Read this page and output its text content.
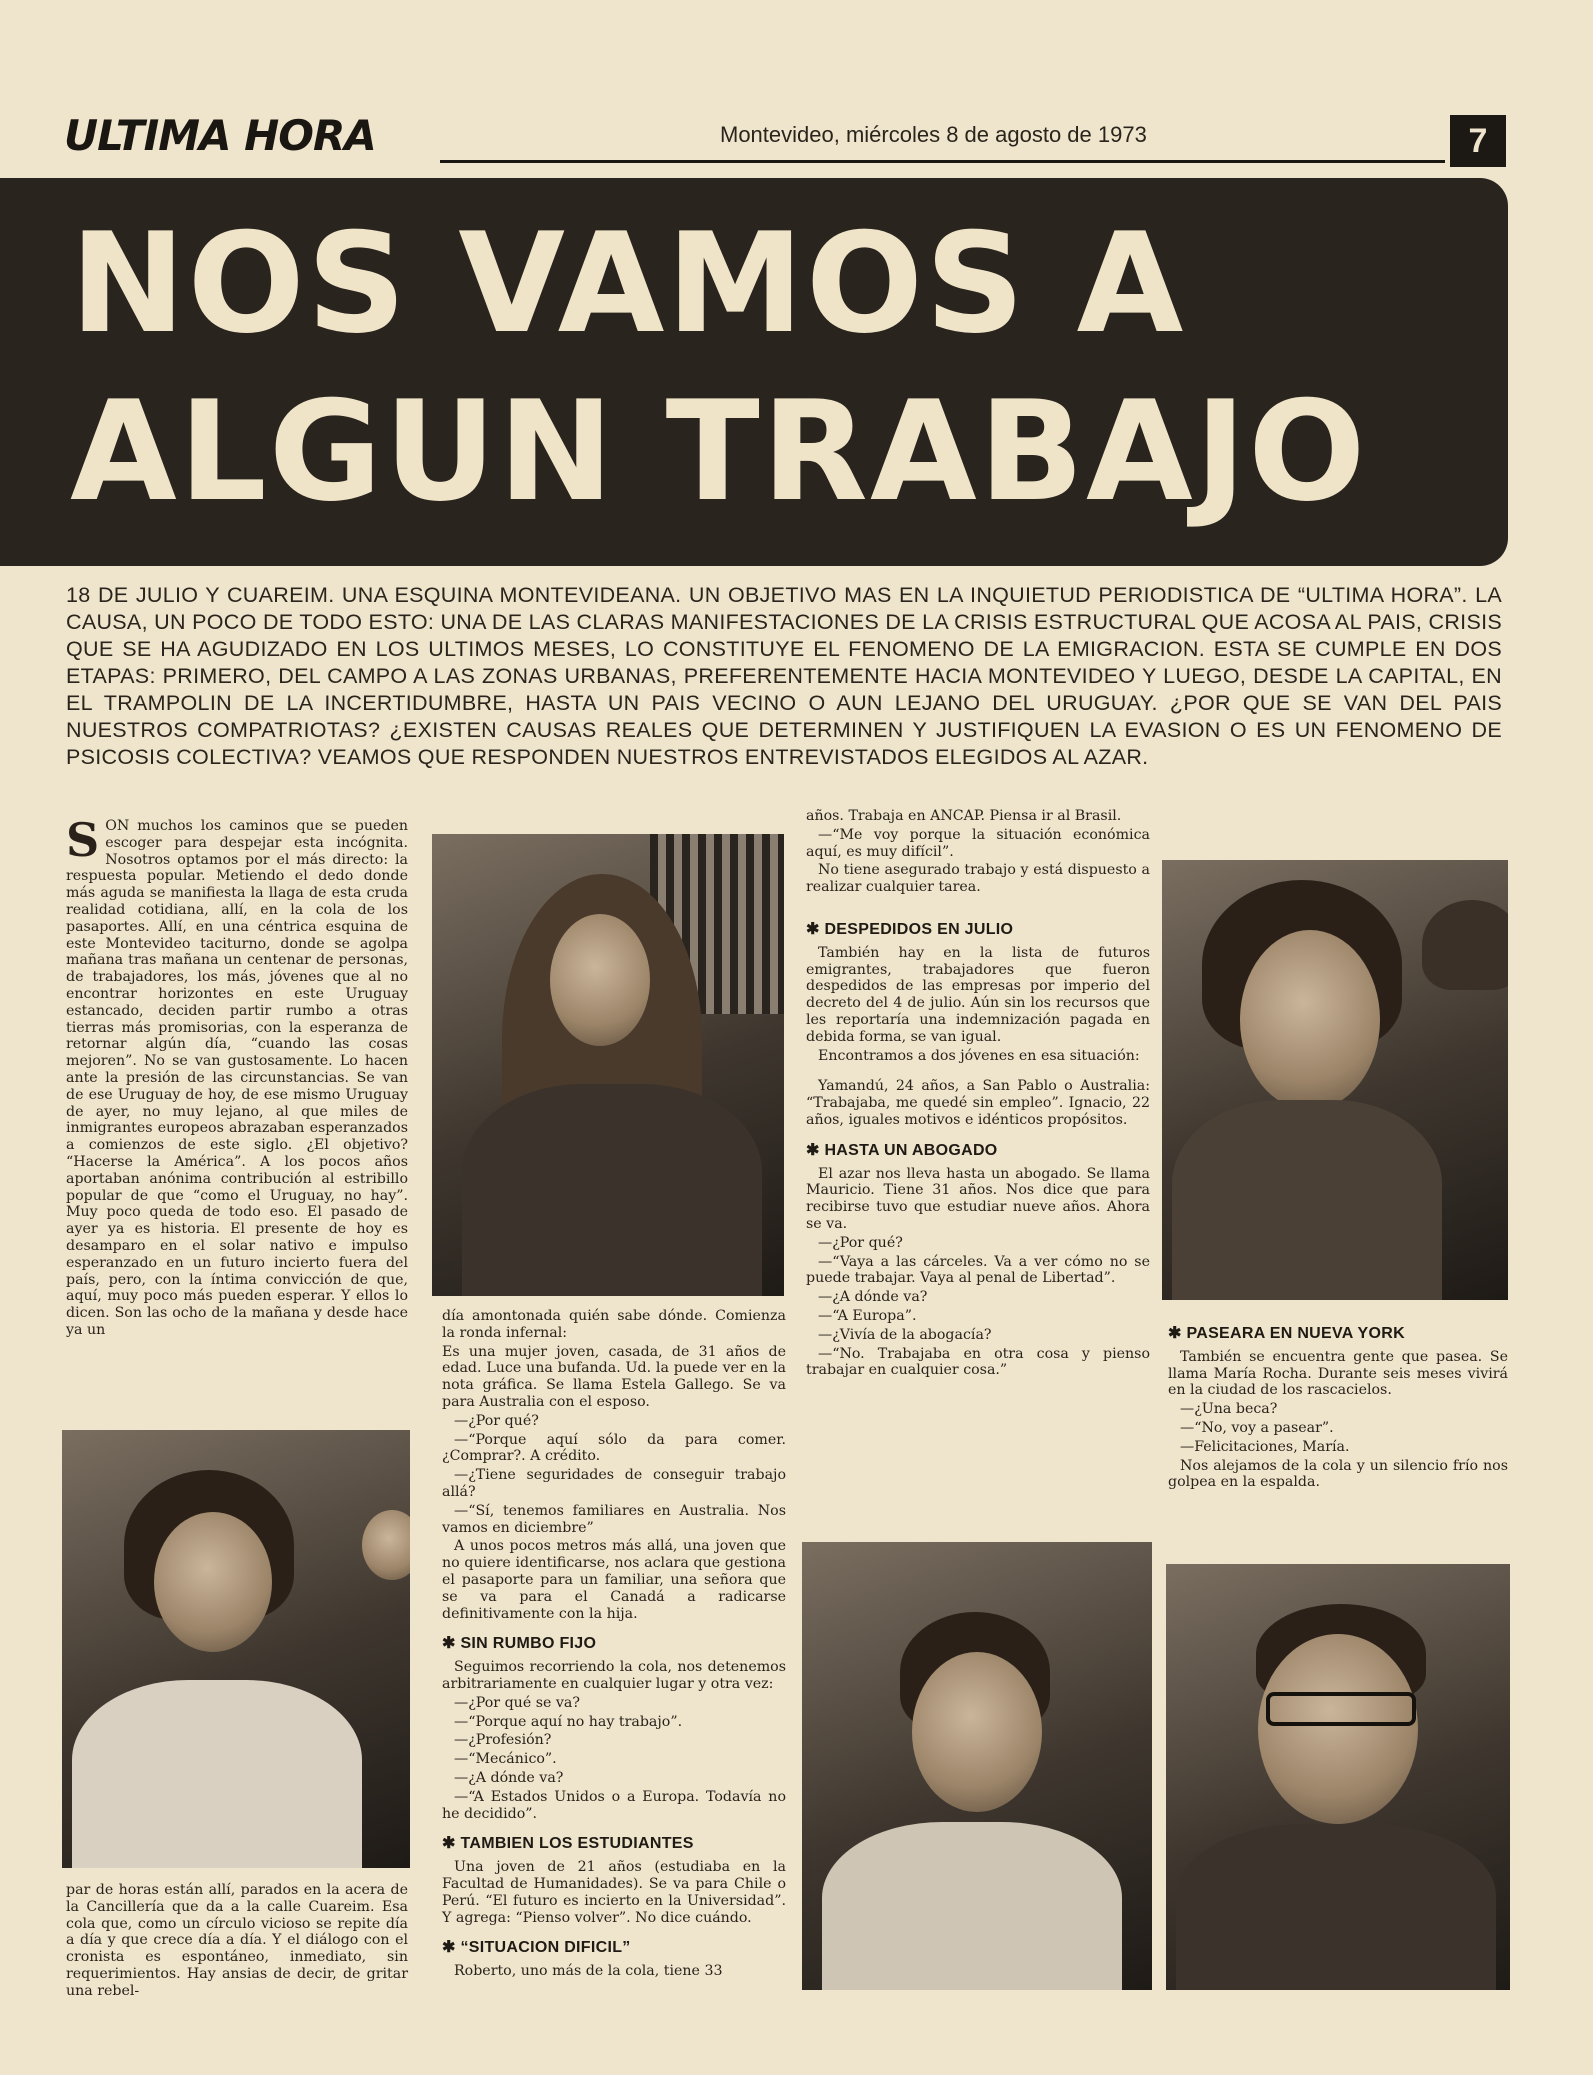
ULTIMA HORA	Montevideo, miércoles 8 de agosto de 1973	7
NOS VAMOS A
ALGUN TRABAJO
18 DE JULIO Y CUAREIM. UNA ESQUINA MONTEVIDEANA. UN OBJETIVO MAS EN LA INQUIETUD PERIODISTICA DE “ULTIMA HORA”. LA CAUSA, UN POCO DE TODO ESTO: UNA DE LAS CLARAS MANIFESTACIONES DE LA CRISIS ESTRUCTURAL QUE ACOSA AL PAIS, CRISIS QUE SE HA AGUDIZADO EN LOS ULTIMOS MESES, LO CONSTITUYE EL FENOMENO DE LA EMIGRACION. ESTA SE CUMPLE EN DOS ETAPAS: PRIMERO, DEL CAMPO A LAS ZONAS URBANAS, PREFERENTEMENTE HACIA MONTEVIDEO Y LUEGO, DESDE LA CAPITAL, EN EL TRAMPOLIN DE LA INCERTIDUMBRE, HASTA UN PAIS VECINO O AUN LEJANO DEL URUGUAY. ¿POR QUE SE VAN DEL PAIS NUESTROS COMPATRIOTAS? ¿EXISTEN CAUSAS REALES QUE DETERMINEN Y JUSTIFIQUEN LA EVASION O ES UN FENOMENO DE PSICOSIS COLECTIVA? VEAMOS QUE RESPONDEN NUESTROS ENTREVISTADOS ELEGIDOS AL AZAR.

SON muchos los caminos que se pueden escoger para despejar esta incógnita. Nosotros optamos por el más directo: la respuesta popular. Metiendo el dedo donde más aguda se manifiesta la llaga de esta cruda realidad cotidiana, allí, en la cola de los pasaportes. Allí, en una céntrica esquina de este Montevideo taciturno, donde se agolpa mañana tras mañana un centenar de personas, de trabajadores, los más, jóvenes que al no encontrar horizontes en este Uruguay estancado, deciden partir rumbo a otras tierras más promisorias, con la esperanza de retornar algún día, “cuando las cosas mejoren”. No se van gustosamente. Lo hacen ante la presión de las circunstancias. Se van de ese Uruguay de hoy, de ese mismo Uruguay de ayer, no muy lejano, al que miles de inmigrantes europeos abrazaban esperanzados a comienzos de este siglo. ¿El objetivo? “Hacerse la América”. A los pocos años aportaban anónima contribución al estribillo popular de que “como el Uruguay, no hay”. Muy poco queda de todo eso. El pasado de ayer ya es historia. El presente de hoy es desamparo en el solar nativo e impulso esperanzado en un futuro incierto fuera del país, pero, con la íntima convicción de que, aquí, muy poco más pueden esperar. Y ellos lo dicen. Son las ocho de la mañana y desde hace ya un

par de horas están allí, parados en la acera de la Cancillería que da a la calle Cuareim. Esa cola que, como un círculo vicioso se repite día a día y que crece día a día. Y el diálogo con el cronista es espontáneo, inmediato, sin requerimientos. Hay ansias de decir, de gritar una rebel-

día amontonada quién sabe dónde. Comienza la ronda infernal:

Es una mujer joven, casada, de 31 años de edad. Luce una bufanda. Ud. la puede ver en la nota gráfica. Se llama Estela Gallego. Se va para Australia con el esposo.

—¿Por qué?

—“Porque aquí sólo da para comer. ¿Comprar?. A crédito.

—¿Tiene seguridades de conseguir trabajo allá?

—“Sí, tenemos familiares en Australia. Nos vamos en diciembre”

A unos pocos metros más allá, una joven que no quiere identificarse, nos aclara que gestiona el pasaporte para un familiar, una señora que se va para el Canadá a radicarse definitivamente con la hija.

✱ SIN RUMBO FIJO

Seguimos recorriendo la cola, nos detenemos arbitrariamente en cualquier lugar y otra vez:

—¿Por qué se va?

—“Porque aquí no hay trabajo”.

—¿Profesión?

—“Mecánico”.

—¿A dónde va?

—“A Estados Unidos o a Europa. Todavía no he decidido”.

✱ TAMBIEN LOS ESTUDIANTES

Una joven de 21 años (estudiaba en la Facultad de Humanidades). Se va para Chile o Perú. “El futuro es incierto en la Universidad”. Y agrega: “Pienso volver”. No dice cuándo.

✱ “SITUACION DIFICIL”

Roberto, uno más de la cola, tiene 33

años. Trabaja en ANCAP. Piensa ir al Brasil.

—“Me voy porque la situación económica aquí, es muy difícil”.

No tiene asegurado trabajo y está dispuesto a realizar cualquier tarea.

✱ DESPEDIDOS EN JULIO

También hay en la lista de futuros emigrantes, trabajadores que fueron despedidos de las empresas por imperio del decreto del 4 de julio. Aún sin los recursos que les reportaría una indemnización pagada en debida forma, se van igual.

Encontramos a dos jóvenes en esa situación:

Yamandú, 24 años, a San Pablo o Australia: “Trabajaba, me quedé sin empleo”. Ignacio, 22 años, iguales motivos e idénticos propósitos.

✱ HASTA UN ABOGADO

El azar nos lleva hasta un abogado. Se llama Mauricio. Tiene 31 años. Nos dice que para recibirse tuvo que estudiar nueve años. Ahora se va.

—¿Por qué?

—“Vaya a las cárceles. Va a ver cómo no se puede trabajar. Vaya al penal de Libertad”.

—¿A dónde va?

—“A Europa”.

—¿Vivía de la abogacía?

—“No. Trabajaba en otra cosa y pienso trabajar en cualquier cosa.”

✱ PASEARA EN NUEVA YORK

También se encuentra gente que pasea. Se llama María Rocha. Durante seis meses vivirá en la ciudad de los rascacielos.

—¿Una beca?

—“No, voy a pasear”.

—Felicitaciones, María.

Nos alejamos de la cola y un silencio frío nos golpea en la espalda.
